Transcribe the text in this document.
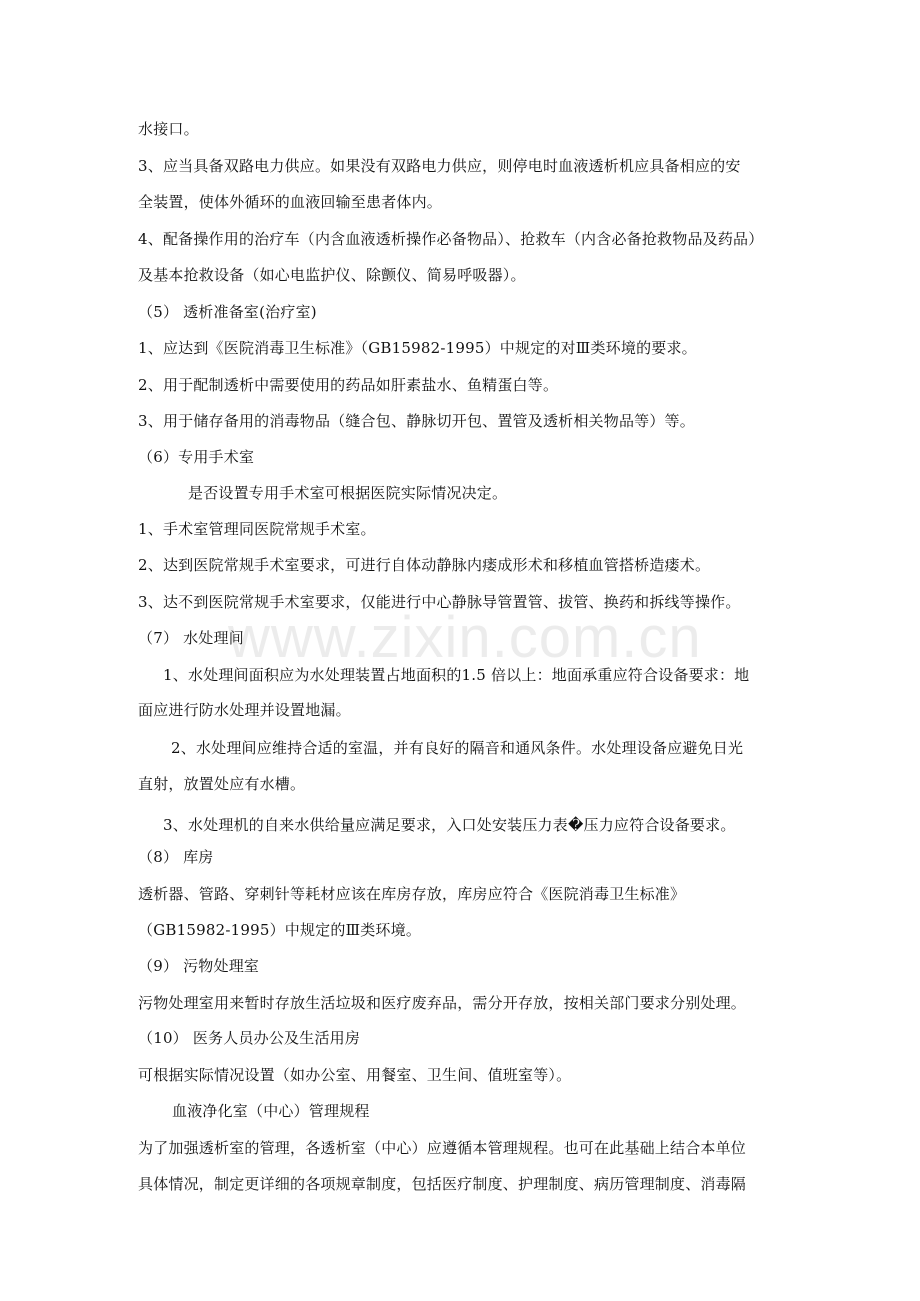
水接口。
3、应当具备双路电力供应。如果没有双路电力供应，则停电时血液透析机应具备相应的安
全装置，使体外循环的血液回输至患者体内。
4、配备操作用的治疗车（内含血液透析操作必备物品）、抢救车（内含必备抢救物品及药品）
及基本抢救设备（如心电监护仪、除颤仪、简易呼吸器）。
（5） 透析准备室(治疗室)
1、应达到《医院消毒卫生标准》（GB15982-1995）中规定的对Ⅲ类环境的要求。
2、用于配制透析中需要使用的药品如肝素盐水、鱼精蛋白等。
3、用于储存备用的消毒物品（缝合包、静脉切开包、置管及透析相关物品等）等。
（6）专用手术室
是否设置专用手术室可根据医院实际情况决定。
1、手术室管理同医院常规手术室。
2、达到医院常规手术室要求，可进行自体动静脉内瘘成形术和移植血管搭桥造瘘术。
3、达不到医院常规手术室要求，仅能进行中心静脉导管置管、拔管、换药和拆线等操作。
（7） 水处理间
1、水处理间面积应为水处理装置占地面积的1.5 倍以上：地面承重应符合设备要求：地
面应进行防水处理并设置地漏。
2、水处理间应维持合适的室温，并有良好的隔音和通风条件。水处理设备应避免日光
直射，放置处应有水槽。
3、水处理机的自来水供给量应满足要求，入口处安装压力表�压力应符合设备要求。
（8） 库房
透析器、管路、穿刺针等耗材应该在库房存放，库房应符合《医院消毒卫生标准》
（GB15982-1995）中规定的Ⅲ类环境。
（9） 污物处理室
污物处理室用来暂时存放生活垃圾和医疗废弃品，需分开存放，按相关部门要求分别处理。
（10） 医务人员办公及生活用房
可根据实际情况设置（如办公室、用餐室、卫生间、值班室等）。
血液净化室（中心）管理规程
为了加强透析室的管理，各透析室（中心）应遵循本管理规程。也可在此基础上结合本单位
具体情况，制定更详细的各项规章制度，包括医疗制度、护理制度、病历管理制度、消毒隔
www.zixin.com.cn
